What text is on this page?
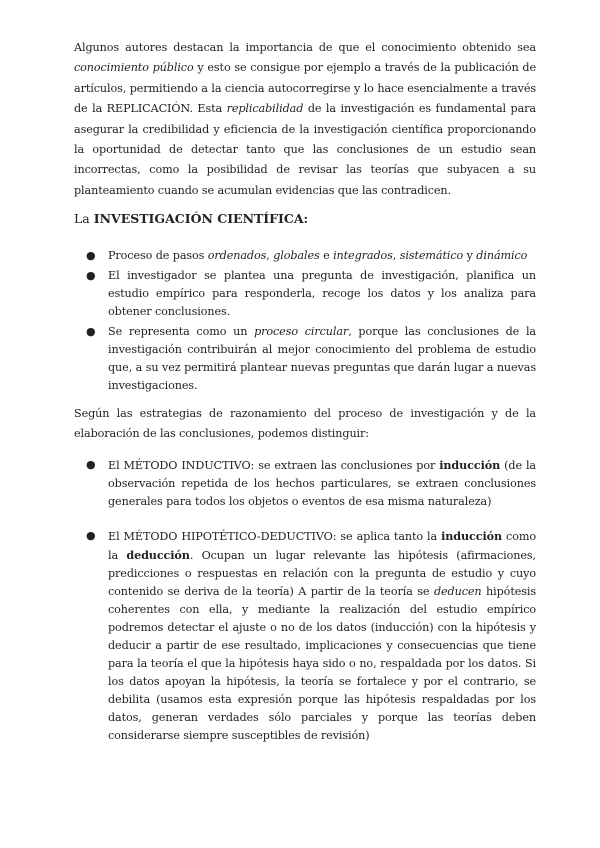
Algunos autores destacan la importancia de que el conocimiento obtenido sea conocimiento público y esto se consigue por ejemplo a través de la publicación de artículos, permitiendo a la ciencia autocorregirse y lo hace esencialmente a través de la REPLICACIÓN. Esta replicabilidad de la investigación es fundamental para asegurar la credibilidad y eficiencia de la investigación científica proporcionando la oportunidad de detectar tanto que las conclusiones de un estudio sean incorrectas, como la posibilidad de revisar las teorías que subyacen a su planteamiento cuando se acumulan evidencias que las contradicen.

La INVESTIGACIÓN CIENTÍFICA:

● Proceso de pasos ordenados, globales e integrados, sistemático y dinámico
● El investigador se plantea una pregunta de investigación, planifica un estudio empírico para responderla, recoge los datos y los analiza para obtener conclusiones.
● Se representa como un proceso circular, porque las conclusiones de la investigación contribuirán al mejor conocimiento del problema de estudio que, a su vez permitirá plantear nuevas preguntas que darán lugar a nuevas investigaciones.

Según las estrategias de razonamiento del proceso de investigación y de la elaboración de las conclusiones, podemos distinguir:

● El MÉTODO INDUCTIVO: se extraen las conclusiones por inducción (de la observación repetida de los hechos particulares, se extraen conclusiones generales para todos los objetos o eventos de esa misma naturaleza)
● El MÉTODO HIPOTÉTICO-DEDUCTIVO: se aplica tanto la inducción como la deducción. Ocupan un lugar relevante las hipótesis (afirmaciones, predicciones o respuestas en relación con la pregunta de estudio y cuyo contenido se deriva de la teoría) A partir de la teoría se deducen hipótesis coherentes con ella, y mediante la realización del estudio empírico podremos detectar el ajuste o no de los datos (inducción) con la hipótesis y deducir a partir de ese resultado, implicaciones y consecuencias que tiene para la teoría el que la hipótesis haya sido o no, respaldada por los datos. Si los datos apoyan la hipótesis, la teoría se fortalece y por el contrario, se debilita (usamos esta expresión porque las hipótesis respaldadas por los datos, generan verdades sólo parciales y porque las teorías deben considerarse siempre susceptibles de revisión)
